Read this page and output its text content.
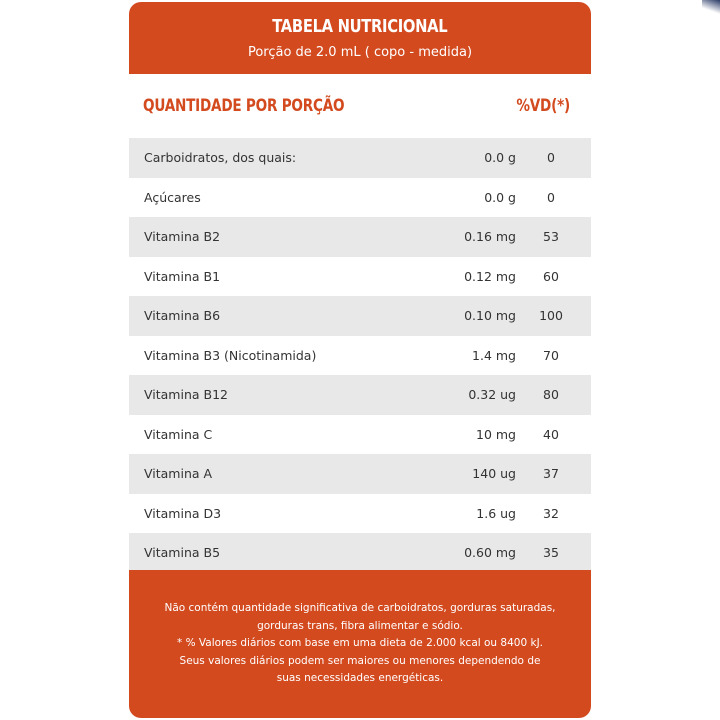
TABELA NUTRICIONAL
Porção de 2.0 mL ( copo - medida)
QUANTIDADE POR PORÇÃO	%VD(*)
Carboidratos, dos quais:	0.0 g	0
Açúcares	0.0 g	0
Vitamina B2	0.16 mg	53
Vitamina B1	0.12 mg	60
Vitamina B6	0.10 mg	100
Vitamina B3 (Nicotinamida)	1.4 mg	70
Vitamina B12	0.32 ug	80
Vitamina C	10 mg	40
Vitamina A	140 ug	37
Vitamina D3	1.6 ug	32
Vitamina B5	0.60 mg	35
Não contém quantidade significativa de carboidratos, gorduras saturadas,
gorduras trans, fibra alimentar e sódio.
* % Valores diários com base em uma dieta de 2.000 kcal ou 8400 kJ.
Seus valores diários podem ser maiores ou menores dependendo de
suas necessidades energéticas.
